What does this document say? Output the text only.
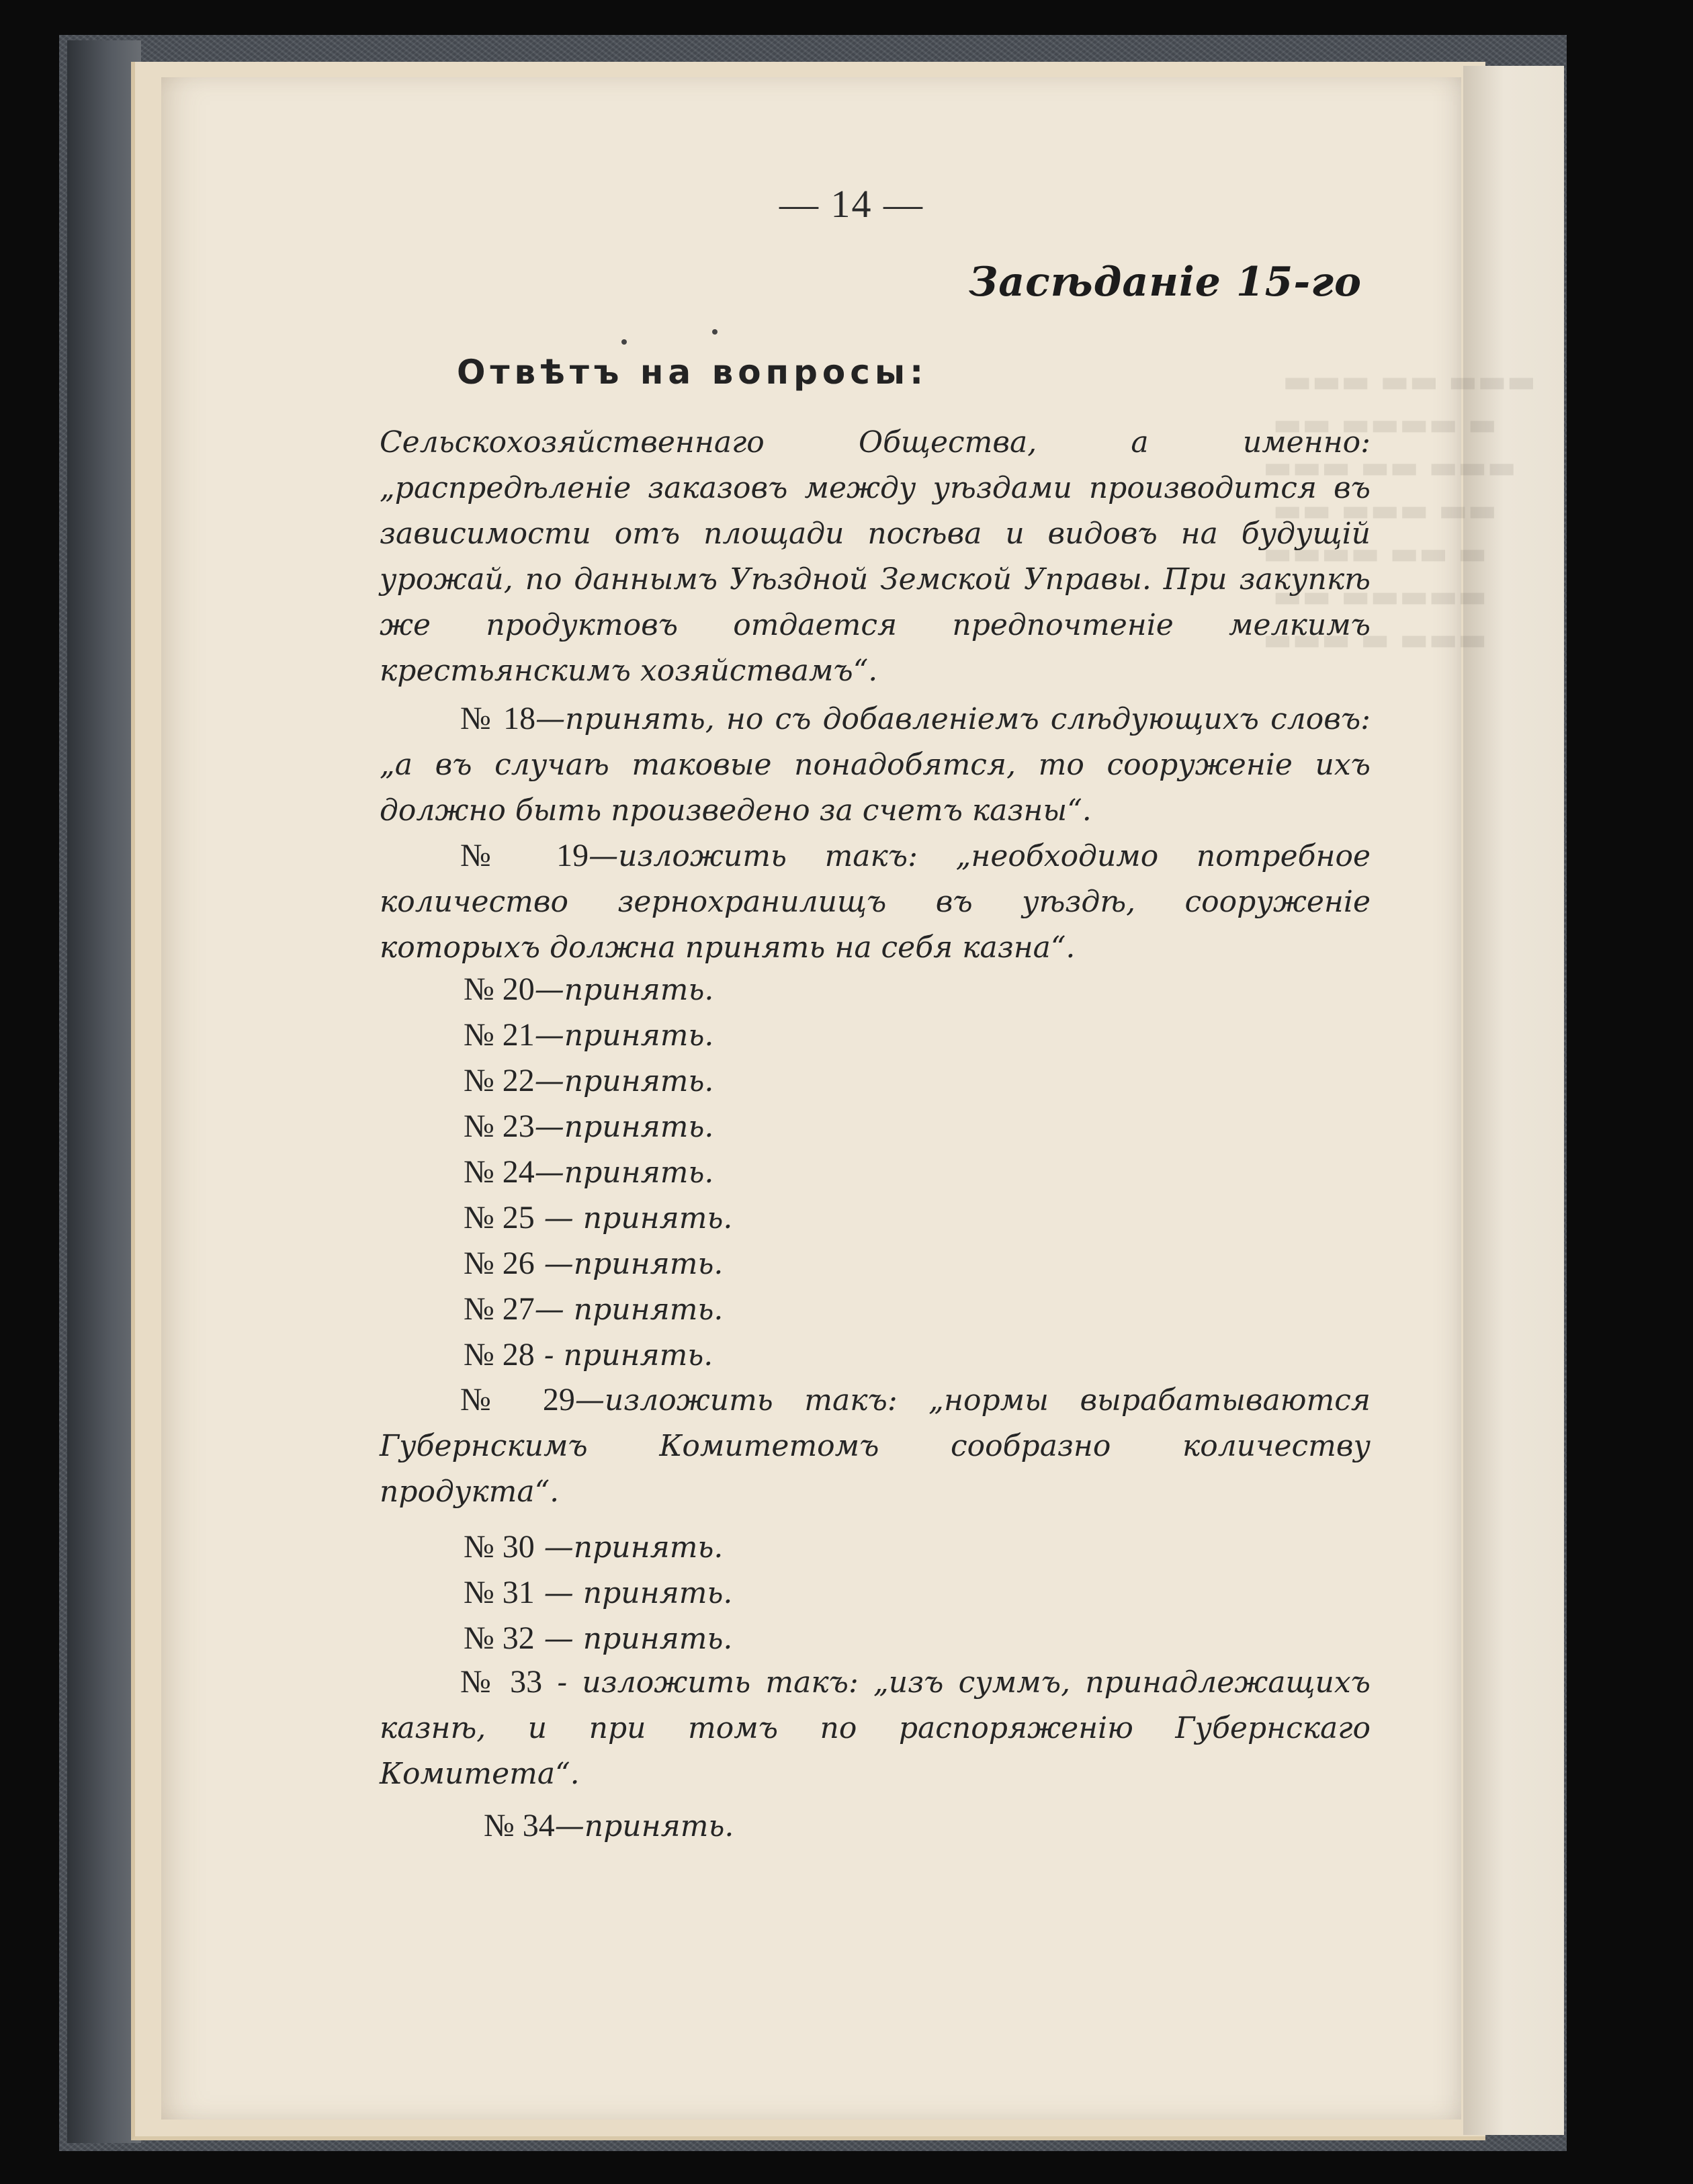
▬▬▬ ▬▬ ▬▬▬
▬▬ ▬▬▬▬ ▬
▬▬▬ ▬▬ ▬▬▬
▬▬ ▬▬▬ ▬▬
▬▬▬▬ ▬▬ ▬
▬▬ ▬▬▬▬▬
▬▬▬ ▬ ▬▬▬
— 14 —
Засѣданіе 15-го
Отвѣтъ на вопросы:

Сельскохозяйственнаго Общества, а именно: „распредѣленіе заказовъ между уѣздами производится въ зависимости отъ площади посѣва и видовъ на будущій урожай, по даннымъ Уѣздной Земской Управы. При закупкѣ же продуктовъ отдается предпочтеніе мелкимъ крестьянскимъ хозяйствамъ“.

№ 18—принять, но съ добавленіемъ слѣдующихъ словъ: „а въ случаѣ таковые понадобятся, то сооруженіе ихъ должно быть произведено за счетъ казны“.

№ 19—изложить такъ: „необходимо потребное количество зернохранилищъ въ уѣздѣ, сооруженіе которыхъ должна принять на себя казна“.

№ 20—принять.
№ 21—принять.
№ 22—принять.
№ 23—принять.
№ 24—принять.
№ 25 — принять.
№ 26 —принять.
№ 27— принять.
№ 28 - принять.

№ 29—изложить такъ: „нормы вырабатываются Губернскимъ Комитетомъ сообразно количеству продукта“.

№ 30 —принять.
№ 31 — принять.
№ 32 — принять.

№ 33 - изложить такъ: „изъ суммъ, принадлежащихъ казнѣ, и при томъ по распоряженію Губернскаго Комитета“.

№ 34—принять.
